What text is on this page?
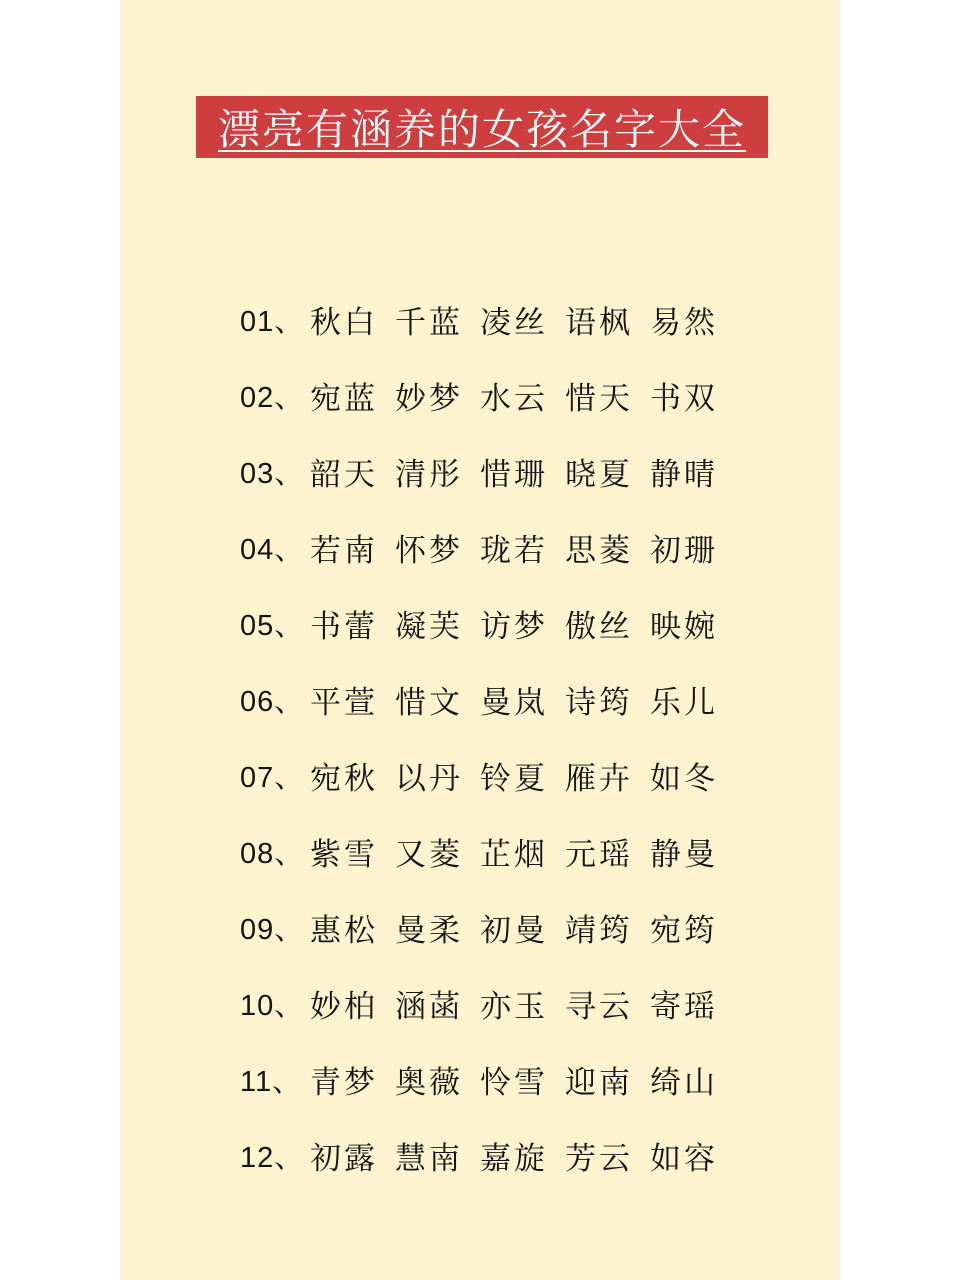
漂亮有涵养的女孩名字大全
01、 秋白 千蓝 凌丝 语枫 易然
02、 宛蓝 妙梦 水云 惜天 书双
03、 韶天 清彤 惜珊 晓夏 静晴
04、 若南 怀梦 珑若 思菱 初珊
05、 书蕾 凝芙 访梦 傲丝 映婉
06、 平萱 惜文 曼岚 诗筠 乐儿
07、 宛秋 以丹 铃夏 雁卉 如冬
08、 紫雪 又菱 芷烟 元瑶 静曼
09、 惠松 曼柔 初曼 靖筠 宛筠
10、 妙柏 涵菡 亦玉 寻云 寄瑶
11、 青梦 奥薇 怜雪 迎南 绮山
12、 初露 慧南 嘉旋 芳云 如容
